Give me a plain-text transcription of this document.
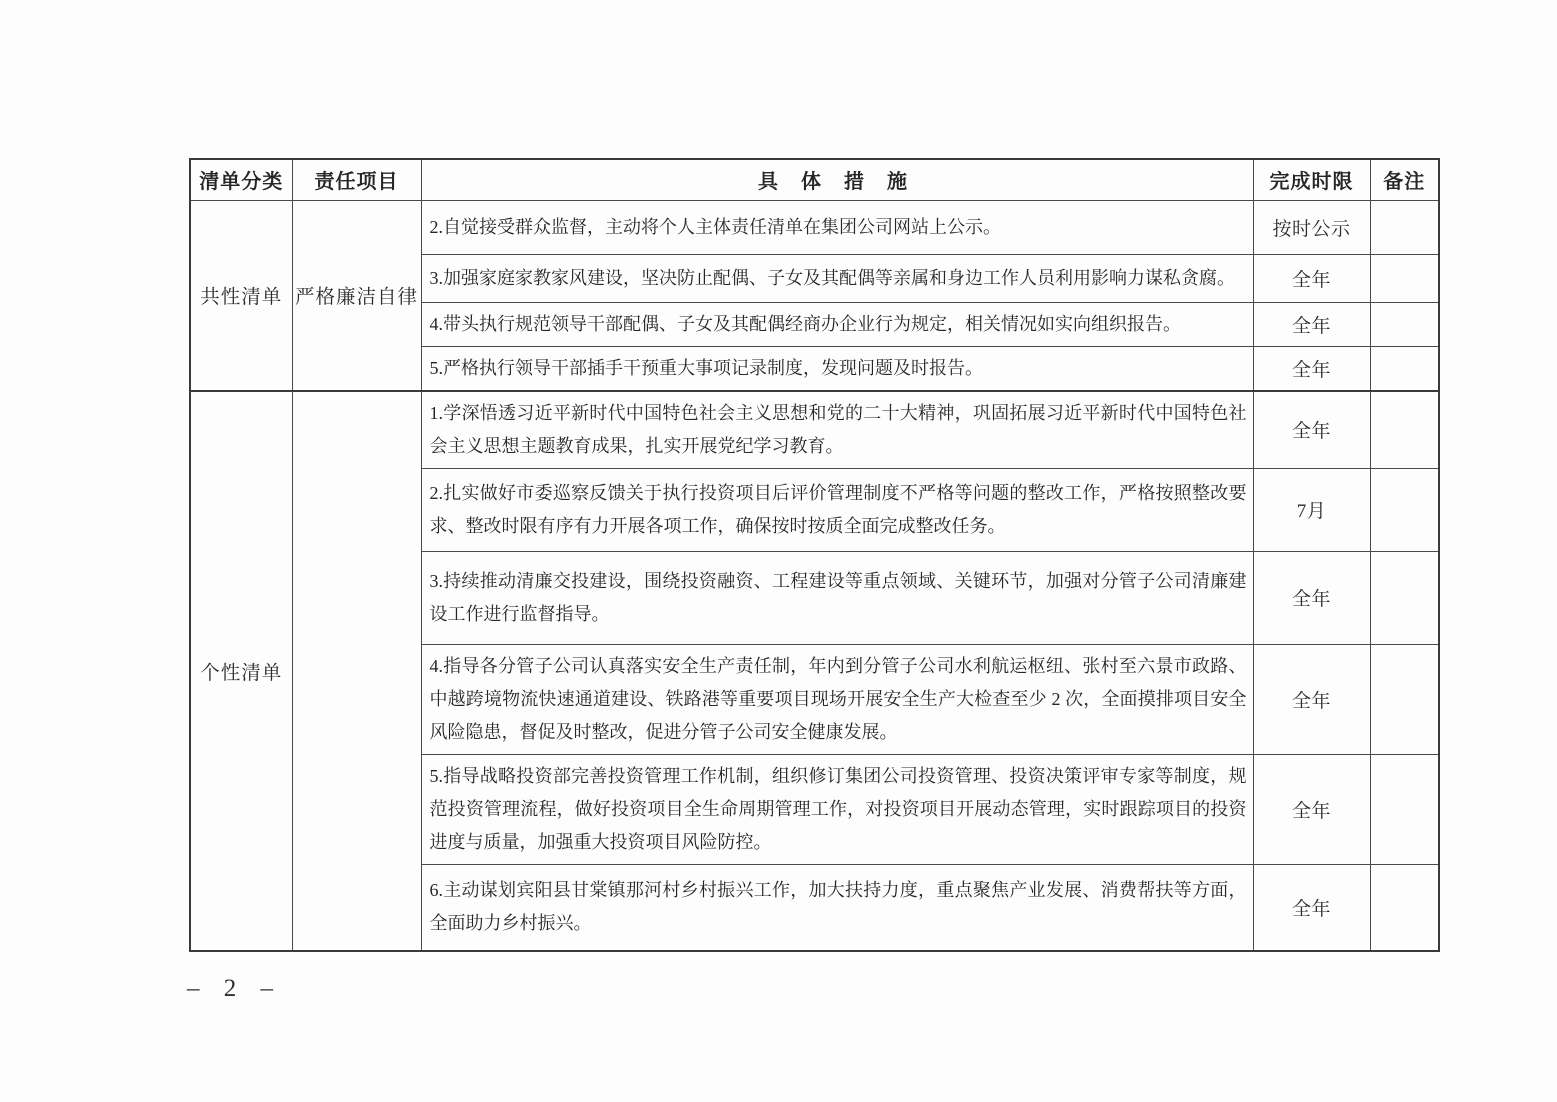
清单分类	责任项目	具 体 措 施	完成时限	备注
共性清单	严格廉洁自律	2.自觉接受群众监督，主动将个人主体责任清单在集团公司网站上公示。	按时公示	
		3.加强家庭家教家风建设，坚决防止配偶、子女及其配偶等亲属和身边工作人员利用影响力谋私贪腐。	全年	
		4.带头执行规范领导干部配偶、子女及其配偶经商办企业行为规定，相关情况如实向组织报告。	全年	
		5.严格执行领导干部插手干预重大事项记录制度，发现问题及时报告。	全年	
个性清单		1.学深悟透习近平新时代中国特色社会主义思想和党的二十大精神，巩固拓展习近平新时代中国特色社会主义思想主题教育成果，扎实开展党纪学习教育。	全年	
		2.扎实做好市委巡察反馈关于执行投资项目后评价管理制度不严格等问题的整改工作，严格按照整改要求、整改时限有序有力开展各项工作，确保按时按质全面完成整改任务。	7月	
		3.持续推动清廉交投建设，围绕投资融资、工程建设等重点领域、关键环节，加强对分管子公司清廉建设工作进行监督指导。	全年	
		4.指导各分管子公司认真落实安全生产责任制，年内到分管子公司水利航运枢纽、张村至六景市政路、中越跨境物流快速通道建设、铁路港等重要项目现场开展安全生产大检查至少 2 次，全面摸排项目安全风险隐患，督促及时整改，促进分管子公司安全健康发展。	全年	
		5.指导战略投资部完善投资管理工作机制，组织修订集团公司投资管理、投资决策评审专家等制度，规范投资管理流程，做好投资项目全生命周期管理工作，对投资项目开展动态管理，实时跟踪项目的投资进度与质量，加强重大投资项目风险防控。	全年	
		6.主动谋划宾阳县甘棠镇那河村乡村振兴工作，加大扶持力度，重点聚焦产业发展、消费帮扶等方面，全面助力乡村振兴。	全年	
– 2 –
